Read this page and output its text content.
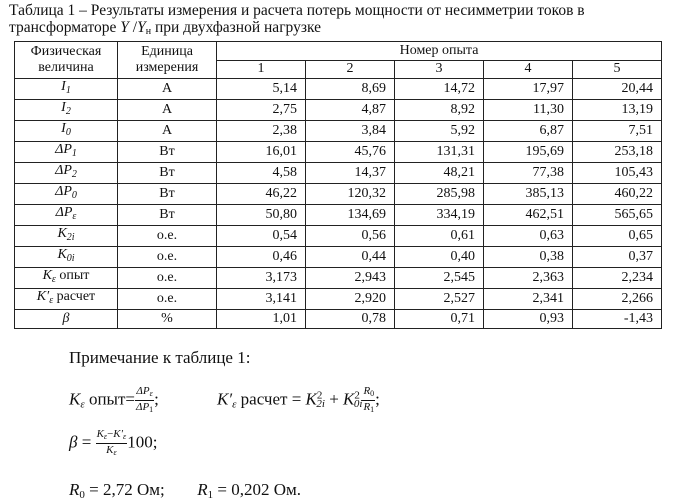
Таблица 1 – Результаты измерения и расчета потерь мощности от несимметрии токов в трансформаторе Y $/Y_н$ при двухфазной нагрузке
Физическая величина	Единица измерения	Номер опыта				
		1	2	3	4	5
$I_1$	А	5,14	8,69	14,72	17,97	20,44
$I_2$	А	2,75	4,87	8,92	11,30	13,19
$I_0$	А	2,38	3,84	5,92	6,87	7,51
$\Delta P_1$	Вт	16,01	45,76	131,31	195,69	253,18
$\Delta P_2$	Вт	4,58	14,37	48,21	77,38	105,43
$\Delta P_0$	Вт	46,22	120,32	285,98	385,13	460,22
$\Delta P_\varepsilon$	Вт	50,80	134,69	334,19	462,51	565,65
$K_{2i}$	о.е.	0,54	0,56	0,61	0,63	0,65
$K_{0i}$	о.е.	0,46	0,44	0,40	0,38	0,37
$K_\varepsilon$ опыт	о.е.	3,173	2,943	2,545	2,363	2,234
$K'_\varepsilon$ расчет	о.е.	3,141	2,920	2,527	2,341	2,266
β	%	1,01	0,78	0,71	0,93	-1,43
Примечание к таблице 1:
$K_\varepsilon$ опыт= $\frac{\Delta P_\varepsilon}{\Delta P_1}$ ;	$K'_\varepsilon$ расчет = $K^2_{2i} + K^2_{0i} \frac{R_0}{R_1}$ ;
$\beta = \frac{K_\varepsilon-K'_\varepsilon}{K_\varepsilon} 100$;
$R_0 = 2,72$ Ом; $R_1 = 0,202$ Ом.
